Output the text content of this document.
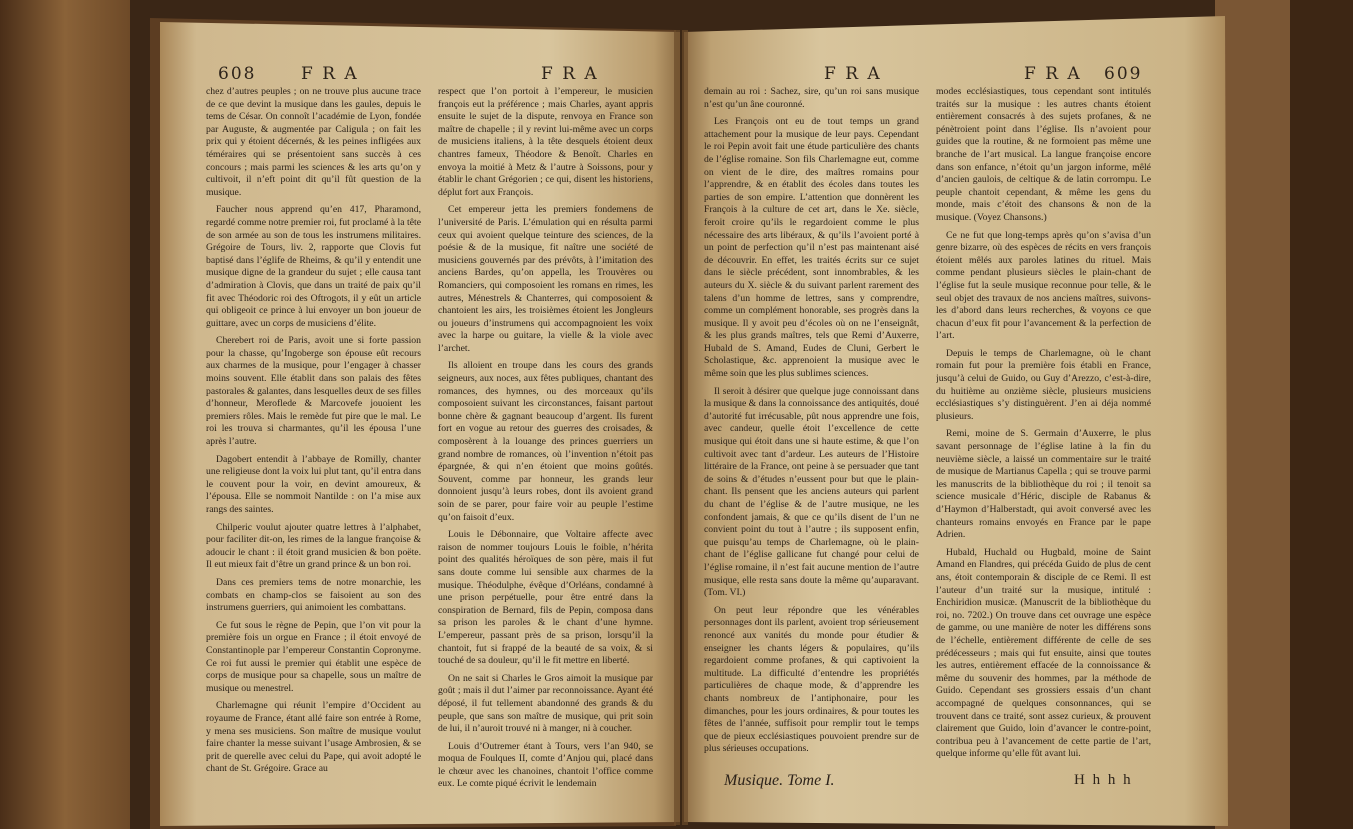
608	F R A	F R A

chez d’autres peuples ; on ne trouve plus aucune trace de ce que devint la musique dans les gaules, depuis le tems de César. On connoît l’académie de Lyon, fondée par Auguste, & augmentée par Caligula ; on fait les prix qui y étoient décernés, & les peines infligées aux téméraires qui se présentoient sans succès à ces concours ; mais parmi les sciences & les arts qu’on y cultivoit, il n’eft point dit qu’il fût question de la musique.

Faucher nous apprend qu’en 417, Pharamond, regardé comme notre premier roi, fut proclamé à la tête de son armée au son de tous les instrumens militaires. Grégoire de Tours, liv. 2, rapporte que Clovis fut baptisé dans l’églife de Rheims, & qu’il y entendit une musique digne de la grandeur du sujet ; elle causa tant d’admiration à Clovis, que dans un traité de paix qu’il fit avec Théodoric roi des Oftrogots, il y eût un article qui obligeoit ce prince à lui envoyer un bon joueur de guittare, avec un corps de musiciens d’élite.

Cherebert roi de Paris, avoit une si forte passion pour la chasse, qu’Ingoberge son épouse eût recours aux charmes de la musique, pour l’engager à chasser moins souvent. Elle établit dans son palais des fêtes pastorales & galantes, dans lesquelles deux de ses filles d’honneur, Meroflede & Marcovefe jouoient les premiers rôles. Mais le remède fut pire que le mal. Le roi les trouva si charmantes, qu’il les épousa l’une après l’autre.

Dagobert entendit à l’abbaye de Romilly, chanter une religieuse dont la voix lui plut tant, qu’il entra dans le couvent pour la voir, en devint amoureux, & l’épousa. Elle se nommoit Nantilde : on l’a mise aux rangs des saintes.

Chilperic voulut ajouter quatre lettres à l’alphabet, pour faciliter dit-on, les rimes de la langue françoise & adoucir le chant : il étoit grand musicien & bon poëte. Il eut mieux fait d’être un grand prince & un bon roi.

Dans ces premiers tems de notre monarchie, les combats en champ-clos se faisoient au son des instrumens guerriers, qui animoient les combattans.

Ce fut sous le règne de Pepin, que l’on vit pour la première fois un orgue en France ; il étoit envoyé de Constantinople par l’empereur Constantin Copronyme. Ce roi fut aussi le premier qui établit une espèce de corps de musique pour sa chapelle, sous un maître de musique ou menestrel.

Charlemagne qui réunit l’empire d’Occident au royaume de France, étant allé faire son entrée à Rome, y mena ses musiciens. Son maître de musique voulut faire chanter la messe suivant l’usage Ambrosien, & se prit de querelle avec celui du Pape, qui avoit adopté le chant de St. Grégoire. Grace au

respect que l’on portoit à l’empereur, le musicien françois eut la préférence ; mais Charles, ayant appris ensuite le sujet de la dispute, renvoya en France son maître de chapelle ; il y revint lui-même avec un corps de musiciens italiens, à la tête desquels étoient deux chantres fameux, Théodore & Benoît. Charles en envoya la moitié à Metz & l’autre à Soissons, pour y établir le chant Grégorien ; ce qui, disent les historiens, déplut fort aux François.

Cet empereur jetta les premiers fondemens de l’université de Paris. L’émulation qui en résulta parmi ceux qui avoient quelque teinture des sciences, de la poésie & de la musique, fit naître une société de musiciens gouvernés par des prévôts, à l’imitation des anciens Bardes, qu’on appella, les Trouvères ou Romanciers, qui composoient les romans en rimes, les autres, Ménestrels & Chanterres, qui composoient & chantoient les airs, les troisièmes étoient les Jongleurs ou joueurs d’instrumens qui accompagnoient les voix avec la harpe ou guitare, la vielle & la viole avec l’archet.

Ils alloient en troupe dans les cours des grands seigneurs, aux noces, aux fêtes publiques, chantant des romances, des hymnes, ou des morceaux qu’ils composoient suivant les circonstances, faisant partout bonne chère & gagnant beaucoup d’argent. Ils furent fort en vogue au retour des guerres des croisades, & composèrent à la louange des princes guerriers un grand nombre de romances, où l’invention n’étoit pas épargnée, & qui n’en étoient que moins goûtés. Souvent, comme par honneur, les grands leur donnoient jusqu’à leurs robes, dont ils avoient grand soin de se parer, pour faire voir au peuple l’estime qu’on faisoit d’eux.

Louis le Débonnaire, que Voltaire affecte avec raison de nommer toujours Louis le foible, n’hérita point des qualités héroïques de son père, mais il fut sans doute comme lui sensible aux charmes de la musique. Théodulphe, évêque d’Orléans, condamné à une prison perpétuelle, pour être entré dans la conspiration de Bernard, fils de Pepin, composa dans sa prison les paroles & le chant d’une hymne. L’empereur, passant près de sa prison, lorsqu’il la chantoit, fut si frappé de la beauté de sa voix, & si touché de sa douleur, qu’il le fit mettre en liberté.

On ne sait si Charles le Gros aimoit la musique par goût ; mais il dut l’aimer par reconnoissance. Ayant été déposé, il fut tellement abandonné des grands & du peuple, que sans son maître de musique, qui prit soin de lui, il n’auroit trouvé ni à manger, ni à coucher.

Louis d’Outremer étant à Tours, vers l’an 940, se moqua de Foulques II, comte d’Anjou qui, placé dans le chœur avec les chanoines, chantoit l’office comme eux. Le comte piqué écrivit le lendemain

F R A	F R A 609

demain au roi : Sachez, sire, qu’un roi sans musique n’est qu’un âne couronné.

Les François ont eu de tout temps un grand attachement pour la musique de leur pays. Cependant le roi Pepin avoit fait une étude particulière des chants de l’église romaine. Son fils Charlemagne eut, comme on vient de le dire, des maîtres romains pour l’apprendre, & en établit des écoles dans toutes les parties de son empire. L’attention que donnèrent les François à la culture de cet art, dans le Xe. siècle, feroit croire qu’ils le regardoient comme le plus nécessaire des arts libéraux, & qu’ils l’avoient porté à un point de perfection qu’il n’est pas maintenant aisé de découvrir. En effet, les traités écrits sur ce sujet dans le siècle précédent, sont innombrables, & les auteurs du X. siècle & du suivant parlent rarement des talens d’un homme de lettres, sans y comprendre, comme un complément honorable, ses progrès dans la musique. Il y avoit peu d’écoles où on ne l’enseignât, & les plus grands maîtres, tels que Remi d’Auxerre, Hubald de S. Amand, Eudes de Cluni, Gerbert le Scholastique, &c. apprenoient la musique avec le même soin que les plus sublimes sciences.

Il seroit à désirer que quelque juge connoissant dans la musique & dans la connoissance des antiquités, doué d’autorité fut irrécusable, pût nous apprendre une fois, avec candeur, quelle étoit l’excellence de cette musique qui étoit dans une si haute estime, & que l’on cultivoit avec tant d’ardeur. Les auteurs de l’Histoire littéraire de la France, ont peine à se persuader que tant de soins & d’études n’eussent pour but que le plain-chant. Ils pensent que les anciens auteurs qui parlent du chant de l’église & de l’autre musique, ne les confondent jamais, & que ce qu’ils disent de l’un ne convient point du tout à l’autre ; ils supposent enfin, que puisqu’au temps de Charlemagne, où le plain-chant de l’église gallicane fut changé pour celui de l’église romaine, il n’est fait aucune mention de l’autre musique, elle resta sans doute la même qu’auparavant. (Tom. VI.)

On peut leur répondre que les vénérables personnages dont ils parlent, avoient trop sérieusement renoncé aux vanités du monde pour étudier & enseigner les chants légers & populaires, qu’ils regardoient comme profanes, & qui captivoient la multitude. La difficulté d’entendre les propriétés particulières de chaque mode, & d’apprendre les chants nombreux de l’antiphonaire, pour les dimanches, pour les jours ordinaires, & pour toutes les fêtes de l’année, suffisoit pour remplir tout le temps que de pieux ecclésiastiques pouvoient prendre sur de plus sérieuses occupations.

modes ecclésiastiques, tous cependant sont intitulés traités sur la musique : les autres chants étoient entièrement consacrés à des sujets profanes, & ne pénètroient point dans l’église. Ils n’avoient pour guides que la routine, & ne formoient pas même une branche de l’art musical. La langue françoise encore dans son enfance, n’étoit qu’un jargon informe, mêlé d’ancien gaulois, de celtique & de latin corrompu. Le peuple chantoit cependant, & même les gens du monde, mais c’étoit des chansons & non de la musique. (Voyez Chansons.)

Ce ne fut que long-temps après qu’on s’avisa d’un genre bizarre, où des espèces de récits en vers françois étoient mêlés aux paroles latines du rituel. Mais comme pendant plusieurs siècles le plain-chant de l’église fut la seule musique reconnue pour telle, & le seul objet des travaux de nos anciens maîtres, suivons-les d’abord dans leurs recherches, & voyons ce que chacun d’eux fit pour l’avancement & la perfection de l’art.

Depuis le temps de Charlemagne, où le chant romain fut pour la première fois établi en France, jusqu’à celui de Guido, ou Guy d’Arezzo, c’est-à-dire, du huitième au onzième siècle, plusieurs musiciens ecclésiastiques s’y distinguèrent. J’en ai déja nommé plusieurs.

Remi, moine de S. Germain d’Auxerre, le plus savant personnage de l’église latine à la fin du neuvième siècle, a laissé un commentaire sur le traité de musique de Martianus Capella ; qui se trouve parmi les manuscrits de la bibliothèque du roi ; il tenoit sa science musicale d’Héric, disciple de Rabanus & d’Haymon d’Halberstadt, qui avoit conversé avec les chanteurs romains envoyés en France par le pape Adrien.

Hubald, Huchald ou Hugbald, moine de Saint Amand en Flandres, qui précéda Guido de plus de cent ans, étoit contemporain & disciple de ce Remi. Il est l’auteur d’un traité sur la musique, intitulé : Enchiridion musicæ. (Manuscrit de la bibliothèque du roi, no. 7202.) On trouve dans cet ouvrage une espèce de gamme, ou une manière de noter les différens sons de l’échelle, entièrement différente de celle de ses prédécesseurs ; mais qui fut ensuite, ainsi que toutes les autres, entièrement effacée de la connoissance & même du souvenir des hommes, par la méthode de Guido. Cependant ses grossiers essais d’un chant accompagné de quelques consonnances, qui se trouvent dans ce traité, sont assez curieux, & prouvent clairement que Guido, loin d’avancer le contre-point, contribua peu à l’avancement de cette partie de l’art, quelque informe qu’elle fût avant lui.

Musique. Tome I.	H h h h
